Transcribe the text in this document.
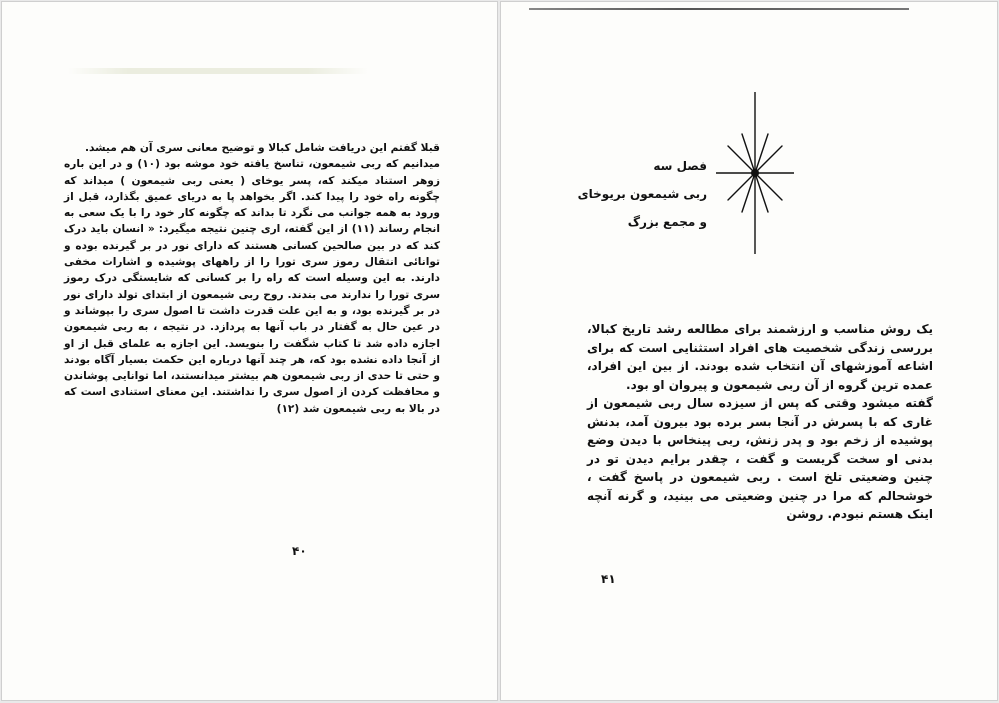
قبلا گفتم این دریافت شامل کبالا و توضیح معانی سری آن هم میشد.

میدانیم که ربی شیمعون، تناسخ یافته خود موشه بود (۱۰) و در این باره زوهر استناد میکند که، پسر یوخای ( یعنی ربی شیمعون ) میداند که چگونه راه خود را پیدا کند. اگر بخواهد پا به دریای عمیق بگذارد، قبل از ورود به همه جوانب می نگرد تا بداند که چگونه کار خود را با یک سعی به انجام رساند (۱۱) از این گفته، اری چنین نتیجه میگیرد: « انسان باید درک کند که در بین صالحین کسانی هستند که دارای نور در بر گیرنده بوده و توانائی انتقال رموز سری تورا را از راههای پوشیده و اشارات مخفی دارند. به این وسیله است که راه را بر کسانی که شایستگی درک رموز سری تورا را ندارند می بندند. روح ربی شیمعون از ابتدای تولد دارای نور در بر گیرنده بود، و به این علت قدرت داشت تا اصول سری را بپوشاند و در عین حال به گفتار در باب آنها به پردازد. در نتیجه ، به ربی شیمعون اجازه داده شد تا کتاب شگفت را بنویسد. این اجازه به علمای قبل از او از آنجا داده نشده بود که، هر چند آنها درباره این حکمت بسیار آگاه بودند و حتی تا حدی از ربی شیمعون هم بیشتر میدانستند، اما توانایی پوشاندن و محافظت کردن از اصول سری را نداشتند. این معنای استنادی است که در بالا به ربی شیمعون شد (۱۲)

۴۰
فصل سه
ربی شیمعون بریوخای
و مجمع بزرگ

یک روش مناسب و ارزشمند برای مطالعه رشد تاریخ کبالا، بررسی زندگی شخصیت های افراد استثنایی است که برای اشاعه آموزشهای آن انتخاب شده بودند. از بین این افراد، عمده ترین گروه از آن ربی شیمعون و پیروان او بود.

گفته میشود وقتی که پس از سیزده سال ربی شیمعون از غاری که با پسرش در آنجا بسر برده بود بیرون آمد، بدنش پوشیده از زخم بود و پدر زنش، ربی پینخاس با دیدن وضع بدنی او سخت گریست و گفت ، چقدر برایم دیدن تو در چنین وضعیتی تلخ است . ربی شیمعون در پاسخ گفت ، خوشحالم که مرا در چنین وضعیتی می بینید، و گرنه آنچه اینک هستم نبودم. روشن

۴۱
